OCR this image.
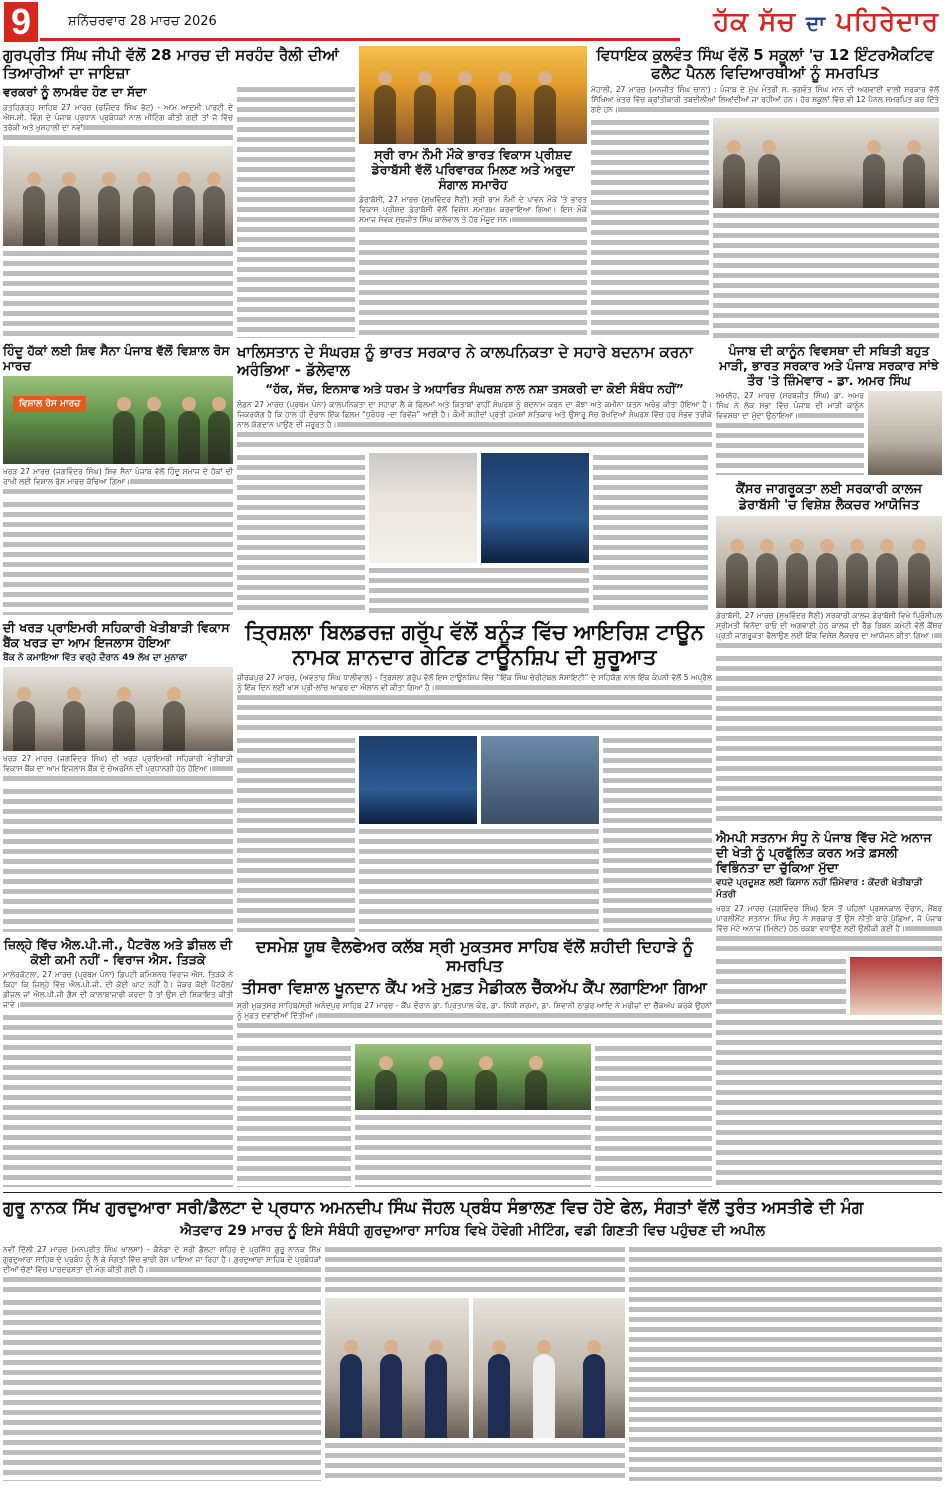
9	ਸ਼ਨਿੱਚਰਵਾਰ 28 ਮਾਰਚ 2026	ਹੱਕ ਸੱਚ ਦਾ ਪਹਿਰੇਦਾਰ
ਗੁਰਪ੍ਰੀਤ ਸਿੰਘ ਜੀਪੀ ਵੱਲੋਂ 28 ਮਾਰਚ ਦੀ ਸਰਹੰਦ ਰੈਲੀ ਦੀਆਂ ਤਿਆਰੀਆਂ ਦਾ ਜਾਇਜ਼ਾ
ਵਰਕਰਾਂ ਨੂੰ ਲਾਮਬੰਦ ਹੋਣ ਦਾ ਸੱਦਾ
ਫ਼ਤਹਿਗੜ੍ਹ ਸਾਹਿਬ 27 ਮਾਰਚ (ਰਜਿੰਦਰ ਸਿੰਘ ਭੱਟ) - ਆਮ ਆਦਮੀ ਪਾਰਟੀ ਦੇ ਐਸ.ਸੀ. ਵਿੰਗ ਦੇ ਪੰਜਾਬ ਪ੍ਰਧਾਨ ਪ੍ਰਬੰਧਕਾਂ ਨਾਲ ਮੀਟਿੰਗ ਕੀਤੀ ਗਈ ਤਾਂ ਜੋ ਵਿੱਚ ਤਰੱਕੀ ਅਤੇ ਖੁਸ਼ਹਾਲੀ ਦਾ ਨਵਾਂ
ਸ੍ਰੀ ਰਾਮ ਨੌਮੀ ਮੌਕੇ ਭਾਰਤ ਵਿਕਾਸ ਪ੍ਰੀਸ਼ਦ ਡੇਰਾਬੱਸੀ ਵੱਲੋਂ ਪਰਿਵਾਰਕ ਮਿਲਣ ਅਤੇ ਅਰੁਦਾ ਸੰਗਾਲ ਸਮਾਰੋਹ
ਡੇਰਾਬੱਸੀ, 27 ਮਾਰਚ (ਸੁਖਵਿੰਦਰ ਸੈਣੀ) ਸ੍ਰੀ ਰਾਮ ਨੌਮੀ ਦੇ ਪਾਵਨ ਮੌਕੇ 'ਤੇ ਭਾਰਤ ਵਿਕਾਸ ਪ੍ਰੀਸ਼ਦ ਡੇਰਾਬੱਸੀ ਵੱਲੋਂ ਵਿਸ਼ੇਸ਼ ਸਮਾਗਮ ਕਰਵਾਇਆ ਗਿਆ। ਇਸ ਮੌਕੇ ਸਮਾਜ ਸੇਵਕ ਸੁਰਜੀਤ ਸਿੰਘ ਕਾਲੇਵਾਲ ਤੇ ਹੋਰ ਮੌਜੂਦ ਸਨ।
ਵਿਧਾਇਕ ਕੁਲਵੰਤ ਸਿੰਘ ਵੱਲੋਂ 5 ਸਕੂਲਾਂ 'ਚ 12 ਇੰਟਰਐਕਟਿਵ ਫਲੈਟ ਪੈਨਲ ਵਿਦਿਆਰਥੀਆਂ ਨੂੰ ਸਮਰਪਿਤ
ਮੋਹਾਲੀ, 27 ਮਾਰਚ (ਮਨਜੀਤ ਸਿੰਘ ਚਾਨਾ) : ਪੰਜਾਬ ਦੇ ਮੁੱਖ ਮੰਤਰੀ ਸ. ਭਗਵੰਤ ਸਿੰਘ ਮਾਨ ਦੀ ਅਗਵਾਈ ਵਾਲੀ ਸਰਕਾਰ ਵੱਲੋਂ ਸਿੱਖਿਆ ਖੇਤਰ ਵਿੱਚ ਕ੍ਰਾਂਤੀਕਾਰੀ ਤਬਦੀਲੀਆਂ ਲਿਆਂਦੀਆਂ ਜਾ ਰਹੀਆਂ ਹਨ। ਹੋਰ ਸਕੂਲਾਂ ਵਿੱਚ ਵੀ 12 ਪੈਨਲ ਸਮਰਪਿਤ ਕਰ ਦਿੱਤੇ ਗਏ ਹਨ।
ਹਿੰਦੂ ਹੱਕਾਂ ਲਈ ਸ਼ਿਵ ਸੈਨਾ ਪੰਜਾਬ ਵੱਲੋਂ ਵਿਸ਼ਾਲ ਰੋਸ ਮਾਰਚ
ਵਿਸ਼ਾਲ ਰੋਸ ਮਾਰਚ
ਖਰੜ 27 ਮਾਰਚ (ਜਗਵਿੰਦਰ ਸਿੰਘ) ਸ਼ਿਵ ਸੈਨਾ ਪੰਜਾਬ ਵੱਲੋਂ ਹਿੰਦੂ ਸਮਾਜ ਦੇ ਹੱਕਾਂ ਦੀ ਰਾਖੀ ਲਈ ਵਿਸ਼ਾਲ ਰੋਸ ਮਾਰਚ ਕੱਢਿਆ ਗਿਆ।
ਖਾਲਿਸਤਾਨ ਦੇ ਸੰਘਰਸ਼ ਨੂੰ ਭਾਰਤ ਸਰਕਾਰ ਨੇ ਕਾਲਪਨਿਕਤਾ ਦੇ ਸਹਾਰੇ ਬਦਨਾਮ ਕਰਨਾ ਅਰੰਭਿਆ - ਡੱਲੇਵਾਲ
“ਹੱਕ, ਸੱਚ, ਇਨਸਾਫ ਅਤੇ ਧਰਮ ਤੇ ਅਧਾਰਿਤ ਸੰਘਰਸ਼ ਨਾਲ ਨਸ਼ਾ ਤਸਕਰੀ ਦਾ ਕੋਈ ਸੰਬੰਧ ਨਹੀਂ”
ਲੰਡਨ 27 ਮਾਰਚ (ਪ੍ਰਥਮ ਪੰਨਾ) ਕਾਲਪਨਿਕਤਾ ਦਾ ਸਹਾਰਾ ਲੈ ਕੇ ਫਿਲਮਾਂ ਅਤੇ ਕਿਤਾਬਾਂ ਰਾਹੀਂ ਸੰਘਰਸ਼ ਨੂੰ ਬਦਨਾਮ ਕਰਨ ਦਾ ਕੋਝਾ ਅਤੇ ਕਮੀਨਾ ਯਤਨ ਅਰੰਭ ਕੀਤਾ ਹੋਇਆ ਹੈ। ਜਿਕਰਯੋਗ ਹੈ ਕਿ ਹਾਲ ਹੀ ਦੌਰਾਨ ਇੱਕ ਫਿਲਮ “ਧੁਰੰਧਰ -ਦਾ ਰਿਵੇਂਜ” ਆਈ ਹੈ। ਕੌਮੀ ਸ਼ਹੀਦਾਂ ਪ੍ਰਤੀ ਹਮੇਸ਼ਾਂ ਸਤਿਕਾਰ ਅਤੇ ਉਸਾਰੂ ਸੋਚ ਰੱਖਦਿਆਂ ਸੰਘਰਸ਼ ਵਿੱਚ ਹਰ ਸੰਭਵ ਤਰੀਕੇ ਨਾਲ ਯੋਗਦਾਨ ਪਾਉਣ ਦੀ ਜਰੂਰਤ ਹੈ।
ਦੀ ਖਰੜ ਪ੍ਰਾਇਮਰੀ ਸਹਿਕਾਰੀ ਖੇਤੀਬਾੜੀ ਵਿਕਾਸ ਬੈਂਕ ਖਰੜ ਦਾ ਆਮ ਇਜਲਾਸ ਹੋਇਆ
ਬੈਂਕ ਨੇ ਕਮਾਇਆ ਵਿੱਤ ਵਰ੍ਹੇ ਦੌਰਾਨ 49 ਲੱਖ ਦਾ ਮੁਨਾਫਾ
ਖਰੜ 27 ਮਾਰਚ (ਜਗਵਿੰਦਰ ਸਿੰਘ) ਦੀ ਖਰੜ ਪ੍ਰਾਇਮਰੀ ਸਹਿਕਾਰੀ ਖੇਤੀਬਾੜੀ ਵਿਕਾਸ ਬੈਂਕ ਦਾ ਆਮ ਇਜਲਾਸ ਬੈਂਕ ਦੇ ਚੇਅਰਮੈਨ ਦੀ ਪ੍ਰਧਾਨਗੀ ਹੇਠ ਹੋਇਆ।
ਤ੍ਰਿਸ਼ਲਾ ਬਿਲਡਰਜ਼ ਗਰੁੱਪ ਵੱਲੋਂ ਬਨੂੰੜ ਵਿੱਚ ਆਇਰਿਸ਼ ਟਾਊਨ ਨਾਮਕ ਸ਼ਾਨਦਾਰ ਗੇਟਿਡ ਟਾਊਨਸ਼ਿਪ ਦੀ ਸ਼ੁਰੂਆਤ
ਜ਼ੀਰਕਪੁਰ 27 ਮਾਰਚ, (ਅਵਤਾਰ ਸਿੰਘ ਧਾਲੀਵਾਲ) - ਤ੍ਰਿਸ਼ਲਾ ਗਰੁੱਪ ਵੱਲੋਂ ਇਸ ਟਾਊਨਸ਼ਿਪ ਵਿੱਚ “ਇੱਕ ਸਿੰਘ ਚੇਰੀਟੇਬਲ ਸੋਸਾਇਟੀ” ਦੇ ਸਹਿਯੋਗ ਨਾਲ ਇੱਕ ਕੰਪਨੀ ਵੱਲੋਂ 5 ਅਪ੍ਰੈਲ ਨੂੰ ਇੱਕ ਦਿਨ ਲਈ ਖਾਸ ਪ੍ਰੀ-ਲਾਂਚ ਆਫਰ ਦਾ ਐਲਾਨ ਵੀ ਕੀਤਾ ਗਿਆ ਹੈ।
ਜ਼ਿਲ੍ਹੇ ਵਿੱਚ ਐਲ.ਪੀ.ਜੀ., ਪੈਟਰੋਲ ਅਤੇ ਡੀਜ਼ਲ ਦੀ ਕੋਈ ਕਮੀ ਨਹੀਂ - ਵਿਰਾਜ ਐਸ. ਤਿੜਕੇ
ਮਾਲੇਰਕੋਟਲਾ, 27 ਮਾਰਚ (ਪ੍ਰਥਮ ਪੰਨਾ) ਡਿਪਟੀ ਕਮਿਸ਼ਨਰ ਵਿਰਾਜ ਐਸ. ਤਿੜਕੇ ਨੇ ਕਿਹਾ ਕਿ ਜ਼ਿਲ੍ਹੇ ਵਿੱਚ ਐਲ.ਪੀ.ਜੀ. ਦੀ ਕੋਈ ਘਾਟ ਨਹੀਂ ਹੈ। ਜੇਕਰ ਕੋਈ ਪੈਟਰੋਲ/ਡੀਜ਼ਲ ਜਾਂ ਐਲ.ਪੀ.ਜੀ ਗੈਸ ਦੀ ਕਾਲਾਬਾਜ਼ਾਰੀ ਕਰਦਾ ਹੈ ਤਾਂ ਉਸ ਦੀ ਸ਼ਿਕਾਇਤ ਕੀਤੀ ਜਾਵੇ।
ਦਸਮੇਸ਼ ਯੂਥ ਵੈਲਫੇਅਰ ਕਲੱਬ ਸ੍ਰੀ ਮੁਕਤਸਰ ਸਾਹਿਬ ਵੱਲੋਂ ਸ਼ਹੀਦੀ ਦਿਹਾੜੇ ਨੂੰ ਸਮਰਪਿਤ
ਤੀਸਰਾ ਵਿਸ਼ਾਲ ਖੂਨਦਾਨ ਕੈਂਪ ਅਤੇ ਮੁਫ਼ਤ ਮੈਡੀਕਲ ਚੈੱਕਅੱਪ ਕੈਂਪ ਲਗਾਇਆ ਗਿਆ
ਸ੍ਰੀ ਮੁਕਤਸਰ ਸਾਹਿਬ/ਸ੍ਰੀ ਅਨੰਦਪੁਰ ਸਾਹਿਬ 27 ਮਾਰਚ - ਕੈਂਪ ਦੌਰਾਨ ਡਾ. ਪ੍ਰਿਤਪਾਲ ਕੌਰ, ਡਾ. ਨਿਧੀ ਸ਼ਰਮਾ, ਡਾ. ਸ਼ਿਵਾਨੀ ਠਾਕੁਰ ਆਦਿ ਨੇ ਮਰੀਜ਼ਾਂ ਦਾ ਚੈੱਕਅੱਪ ਕਰਕੇ ਉਹਨਾਂ ਨੂੰ ਮੁਫ਼ਤ ਦਵਾਈਆਂ ਦਿੱਤੀਆਂ।
ਪੰਜਾਬ ਦੀ ਕਾਨੂੰਨ ਵਿਵਸਥਾ ਦੀ ਸਥਿਤੀ ਬਹੁਤ ਮਾੜੀ, ਭਾਰਤ ਸਰਕਾਰ ਅਤੇ ਪੰਜਾਬ ਸਰਕਾਰ ਸਾਂਝੇ ਤੌਰ 'ਤੇ ਜ਼ਿੰਮੇਵਾਰ - ਡਾ. ਅਮਰ ਸਿੰਘ
ਅਮਲੋਹ, 27 ਮਾਰਚ (ਸਰਬਜੀਤ ਸਿੰਘ) ਡਾ. ਅਮਰ ਸਿੰਘ ਨੇ ਲੋਕ ਸਭਾ ਵਿੱਚ ਪੰਜਾਬ ਦੀ ਮਾੜੀ ਕਾਨੂੰਨ ਵਿਵਸਥਾ ਦਾ ਮੁੱਦਾ ਉਠਾਇਆ।
ਕੈਂਸਰ ਜਾਗਰੂਕਤਾ ਲਈ ਸਰਕਾਰੀ ਕਾਲਜ ਡੇਰਾਬੱਸੀ 'ਚ ਵਿਸ਼ੇਸ਼ ਲੈਕਚਰ ਆਯੋਜਿਤ
ਡੇਰਾਬੱਸੀ, 27 ਮਾਰਚ (ਸੁਖਵਿੰਦਰ ਸੈਣੀ) ਸਰਕਾਰੀ ਕਾਲਜ ਡੇਰਾਬੱਸੀ ਵਿਖੇ ਪ੍ਰਿੰਸੀਪਲ ਸ੍ਰੀਮਤੀ ਵਿਨੋਦਾ ਰਾਓ ਦੀ ਅਗਵਾਈ ਹੇਠ ਕਾਲਜ ਦੀ ਰੈੱਡ ਰਿਬਨ ਕਮੇਟੀ ਵੱਲੋਂ ਕੈਂਸਰ ਪ੍ਰਤੀ ਜਾਗਰੂਕਤਾ ਫੈਲਾਉਣ ਲਈ ਇੱਕ ਵਿਸ਼ੇਸ਼ ਲੈਕਚਰ ਦਾ ਆਯੋਜਨ ਕੀਤਾ ਗਿਆ।
ਐਮਪੀ ਸਤਨਾਮ ਸੰਧੂ ਨੇ ਪੰਜਾਬ ਵਿੱਚ ਮੋਟੇ ਅਨਾਜ ਦੀ ਖੇਤੀ ਨੂੰ ਪ੍ਰਫੁੱਲਿਤ ਕਰਨ ਅਤੇ ਫ਼ਸਲੀ ਵਿਭਿੰਨਤਾ ਦਾ ਚੁੱਕਿਆ ਮੁੱਦਾ
ਵਧਦੇ ਪ੍ਰਦੂਸ਼ਣ ਲਈ ਕਿਸਾਨ ਨਹੀਂ ਜ਼ਿੰਮੇਵਾਰ : ਕੇਂਦਰੀ ਖੇਤੀਬਾੜੀ ਮੰਤਰੀ
ਖਰੜ 27 ਮਾਰਚ (ਜਗਵਿੰਦਰ ਸਿੰਘ) ਇਸ ਤੋਂ ਪਹਿਲਾਂ ਪ੍ਰਸ਼ਨਕਾਲ ਦੌਰਾਨ, ਮੈਂਬਰ ਪਾਰਲੀਮੈਂਟ ਸਤਨਾਮ ਸਿੰਘ ਸੰਧੂ ਨੇ ਸਰਕਾਰ ਤੋਂ ਉਸ ਨੀਤੀ ਬਾਰੇ ਪੁੱਛਿਆ, ਜੋ ਪੰਜਾਬ ਵਿੱਚ ਮੋਟੇ ਅਨਾਜ (ਮਿਲੇਟ) ਹੇਠ ਰਕਬਾ ਵਧਾਉਣ ਲਈ ਉਲੀਕੀ ਗਈ ਹੈ।
ਗੁਰੂ ਨਾਨਕ ਸਿੱਖ ਗੁਰਦੁਆਰਾ ਸਰੀ/ਡੈਲਟਾ ਦੇ ਪ੍ਰਧਾਨ ਅਮਨਦੀਪ ਸਿੰਘ ਜੌਹਲ ਪ੍ਰਬੰਧ ਸੰਭਾਲਣ ਵਿਚ ਹੋਏ ਫੇਲ, ਸੰਗਤਾਂ ਵੱਲੋਂ ਤੁਰੰਤ ਅਸਤੀਫੇ ਦੀ ਮੰਗ
ਐਤਵਾਰ 29 ਮਾਰਚ ਨੂੰ ਇਸੇ ਸੰਬੰਧੀ ਗੁਰਦੁਆਰਾ ਸਾਹਿਬ ਵਿਖੇ ਹੋਵੇਗੀ ਮੀਟਿੰਗ, ਵਡੀ ਗਿਣਤੀ ਵਿਚ ਪਹੁੰਚਣ ਦੀ ਅਪੀਲ
ਨਵੀਂ ਦਿੱਲੀ 27 ਮਾਰਚ (ਮਨਪ੍ਰੀਤ ਸਿੰਘ ਖਾਲਸਾ) - ਕੈਨੇਡਾ ਦੇ ਸਰੀ ਡੈਲਟਾ ਸ਼ਹਿਰ ਦੇ ਪ੍ਰਸਿੱਧ ਗੁਰੂ ਨਾਨਕ ਸਿੱਖ ਗੁਰਦੁਆਰਾ ਸਾਹਿਬ ਦੇ ਪ੍ਰਬੰਧ ਨੂੰ ਲੈ ਕੇ ਸੰਗਤਾਂ ਵਿੱਚ ਭਾਰੀ ਰੋਸ ਪਾਇਆ ਜਾ ਰਿਹਾ ਹੈ। ਗੁਰਦੁਆਰਾ ਸਾਹਿਬ ਦੇ ਪ੍ਰਬੰਧਕਾਂ ਦੀਆਂ ਚੋਣਾਂ ਵਿੱਚ ਪਾਰਦਰਸ਼ਤਾ ਦੀ ਮੰਗ ਕੀਤੀ ਗਈ ਹੈ।
